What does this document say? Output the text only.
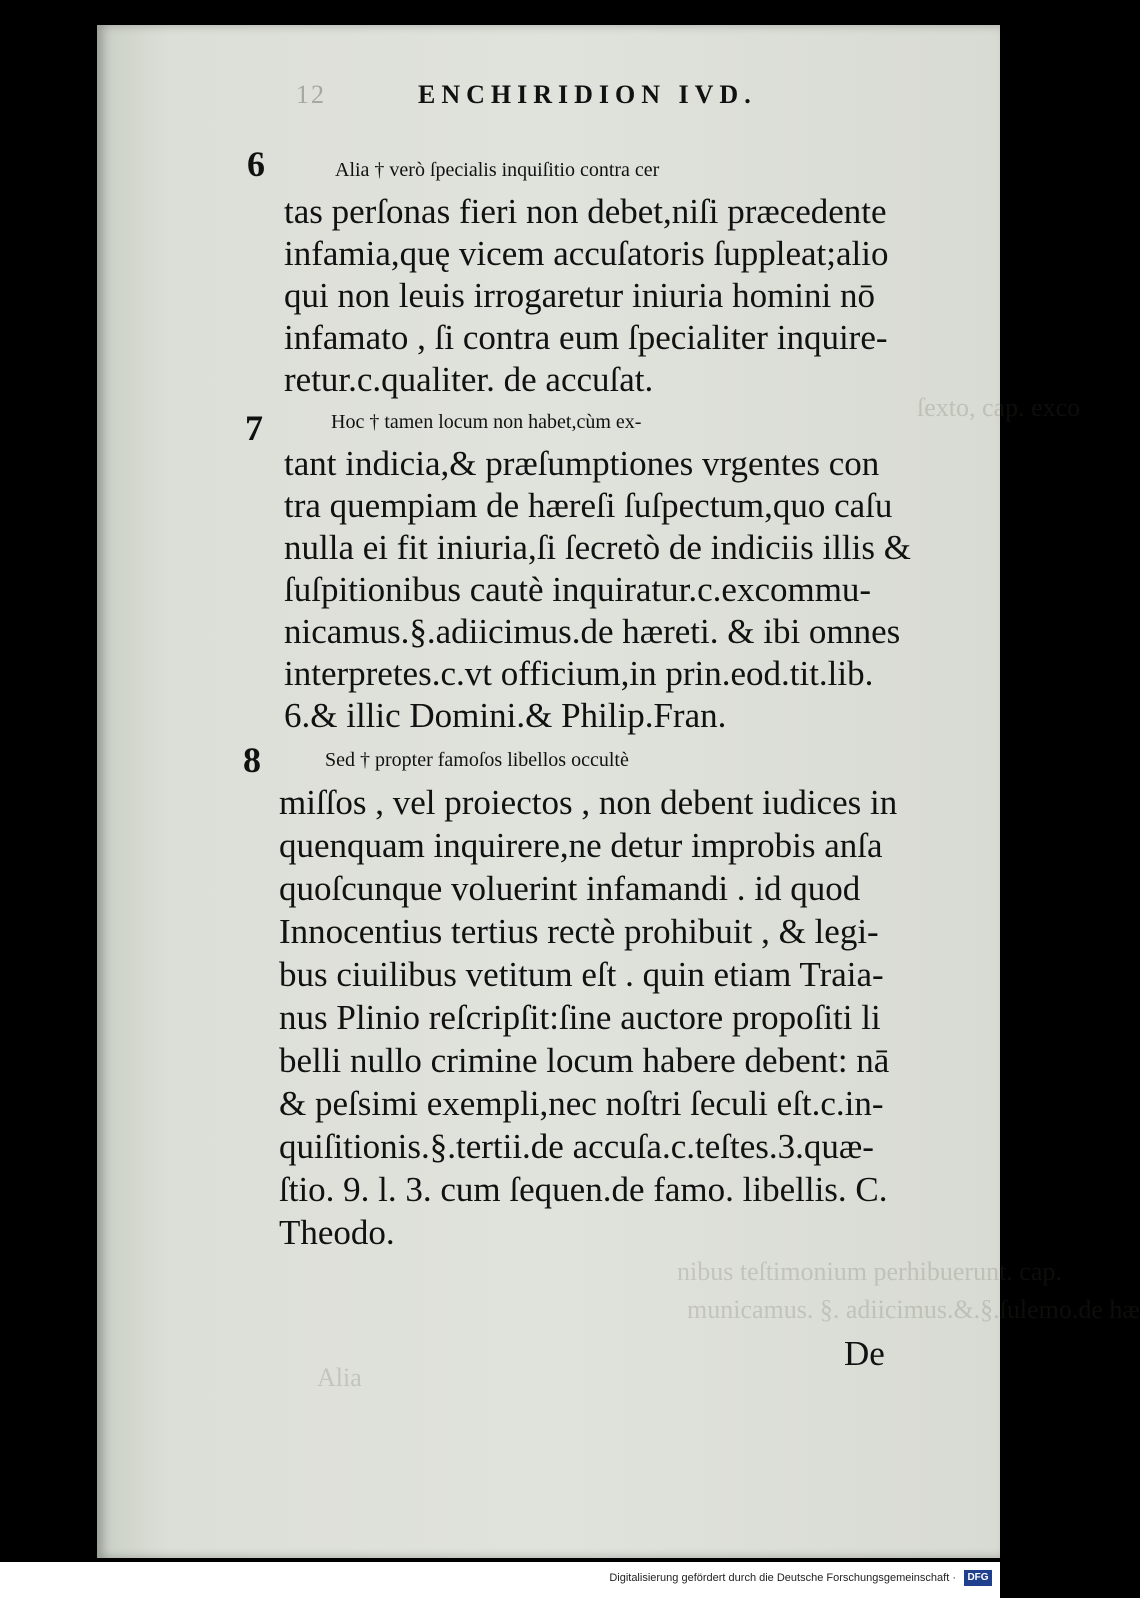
ſexto, cap. exco
nibus teſtimonium perhibuerunt. cap.
municamus. §. adiicimus.&.§.ſulemo.de hæ
Alia
12	ENCHIRIDION IVD.
6	Alia † verò ſpecialis inquiſitio contra cer
tas perſonas fieri non debet,niſi præcedente
infamia,quę vicem accuſatoris ſuppleat;alio
qui non leuis irrogaretur iniuria homini nō
infamato , ſi contra eum ſpecialiter inquire-
retur.c.qualiter. de accuſat.
7	Hoc † tamen locum non habet,cùm ex-
tant indicia,& præſumptiones vrgentes con
tra quempiam de hæreſi ſuſpectum,quo caſu
nulla ei fit iniuria,ſi ſecretò de indiciis illis &
ſuſpitionibus cautè inquiratur.c.excommu-
nicamus.§.adiicimus.de hæreti. & ibi omnes
interpretes.c.vt officium,in prin.eod.tit.lib.
6.& illic Domini.& Philip.Fran.
8	Sed † propter famoſos libellos occultè
miſſos , vel proiectos , non debent iudices in
quenquam inquirere,ne detur improbis anſa
quoſcunque voluerint infamandi . id quod
Innocentius tertius rectè prohibuit , & legi-
bus ciuilibus vetitum eſt . quin etiam Traia-
nus Plinio reſcripſit:ſine auctore propoſiti li
belli nullo crimine locum habere debent: nā
& peſsimi exempli,nec noſtri ſeculi eſt.c.in-
quiſitionis.§.tertii.de accuſa.c.teſtes.3.quæ-
ſtio. 9. l. 3. cum ſequen.de famo. libellis. C.
Theodo.
De
Digitalisierung gefördert durch die Deutsche Forschungsgemeinschaft ·	DFG
